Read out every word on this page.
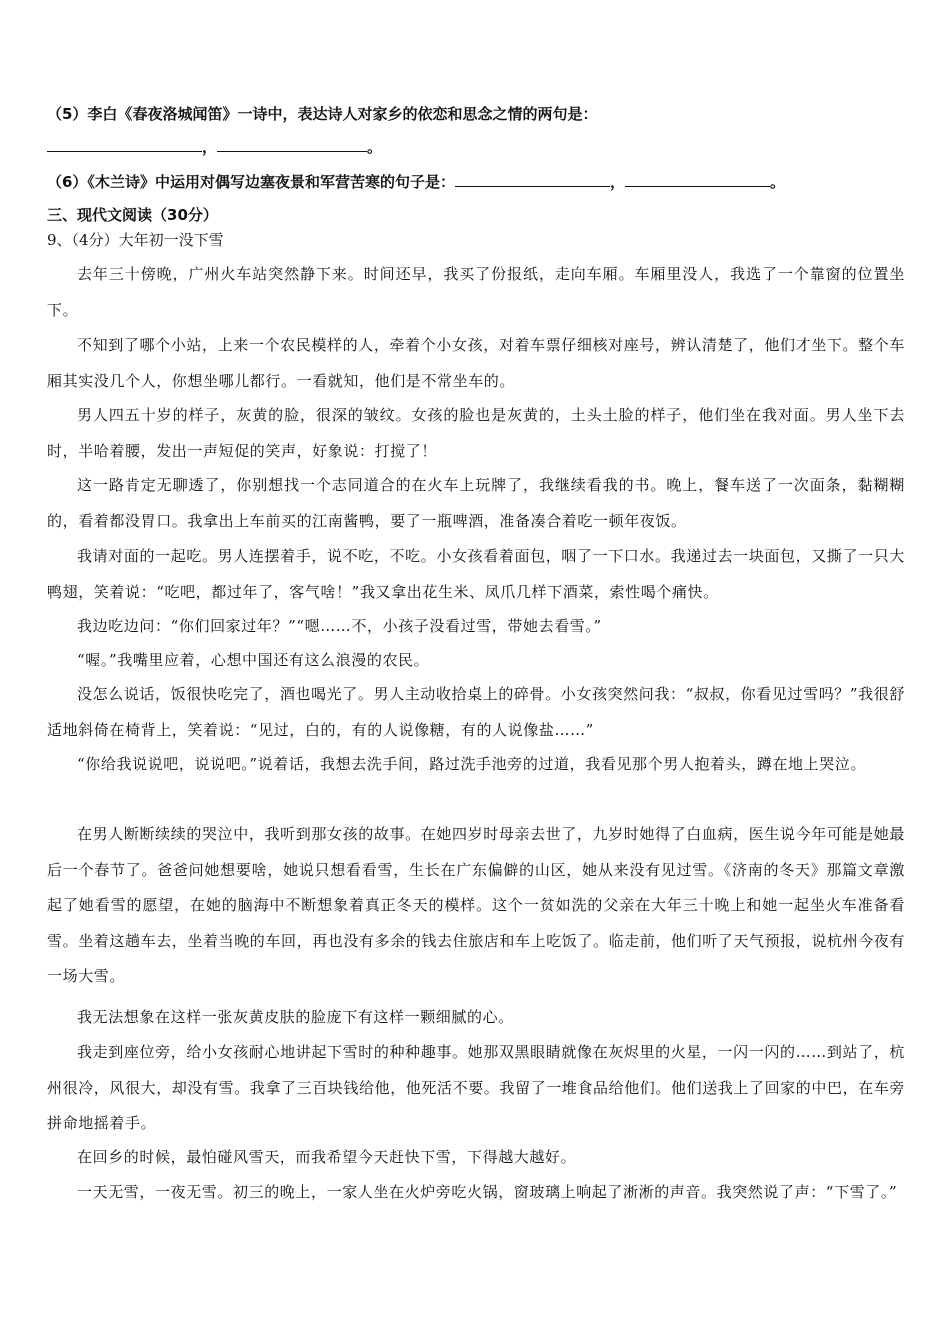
（5）李白《春夜洛城闻笛》一诗中，表达诗人对家乡的依恋和思念之情的两句是：
，	。
（6）《木兰诗》中运用对偶写边塞夜景和军营苦寒的句子是：	，	。
三、现代文阅读（30分）
9、（4分）大年初一没下雪

去年三十傍晚，广州火车站突然静下来。时间还早，我买了份报纸，走向车厢。车厢里没人，我选了一个靠窗的位置坐下。

不知到了哪个小站，上来一个农民模样的人，牵着个小女孩，对着车票仔细核对座号，辨认清楚了，他们才坐下。整个车厢其实没几个人，你想坐哪儿都行。一看就知，他们是不常坐车的。

男人四五十岁的样子，灰黄的脸，很深的皱纹。女孩的脸也是灰黄的，土头土脸的样子，他们坐在我对面。男人坐下去时，半哈着腰，发出一声短促的笑声，好象说：打搅了！

这一路肯定无聊透了，你别想找一个志同道合的在火车上玩牌了，我继续看我的书。晚上，餐车送了一次面条，黏糊糊的，看着都没胃口。我拿出上车前买的江南酱鸭，要了一瓶啤酒，准备凑合着吃一顿年夜饭。

我请对面的一起吃。男人连摆着手，说不吃，不吃。小女孩看着面包，咽了一下口水。我递过去一块面包，又撕了一只大鸭翅，笑着说：“吃吧，都过年了，客气啥！”我又拿出花生米、凤爪几样下酒菜，索性喝个痛快。

我边吃边问：“你们回家过年？”“嗯……不，小孩子没看过雪，带她去看雪。”

“喔。”我嘴里应着，心想中国还有这么浪漫的农民。

没怎么说话，饭很快吃完了，酒也喝光了。男人主动收拾桌上的碎骨。小女孩突然问我：“叔叔，你看见过雪吗？”我很舒适地斜倚在椅背上，笑着说：“见过，白的，有的人说像糖，有的人说像盐……”

“你给我说说吧，说说吧。”说着话，我想去洗手间，路过洗手池旁的过道，我看见那个男人抱着头，蹲在地上哭泣。

在男人断断续续的哭泣中，我听到那女孩的故事。在她四岁时母亲去世了，九岁时她得了白血病，医生说今年可能是她最后一个春节了。爸爸问她想要啥，她说只想看看雪，生长在广东偏僻的山区，她从来没有见过雪。《济南的冬天》那篇文章激起了她看雪的愿望，在她的脑海中不断想象着真正冬天的模样。这个一贫如洗的父亲在大年三十晚上和她一起坐火车准备看雪。坐着这趟车去，坐着当晚的车回，再也没有多余的钱去住旅店和车上吃饭了。临走前，他们听了天气预报，说杭州今夜有一场大雪。

我无法想象在这样一张灰黄皮肤的脸庞下有这样一颗细腻的心。

我走到座位旁，给小女孩耐心地讲起下雪时的种种趣事。她那双黑眼睛就像在灰烬里的火星，一闪一闪的……到站了，杭州很冷，风很大，却没有雪。我拿了三百块钱给他，他死活不要。我留了一堆食品给他们。他们送我上了回家的中巴，在车旁拼命地摇着手。

在回乡的时候，最怕碰风雪天，而我希望今天赶快下雪，下得越大越好。

一天无雪，一夜无雪。初三的晚上，一家人坐在火炉旁吃火锅，窗玻璃上响起了淅淅的声音。我突然说了声：“下雪了。”
